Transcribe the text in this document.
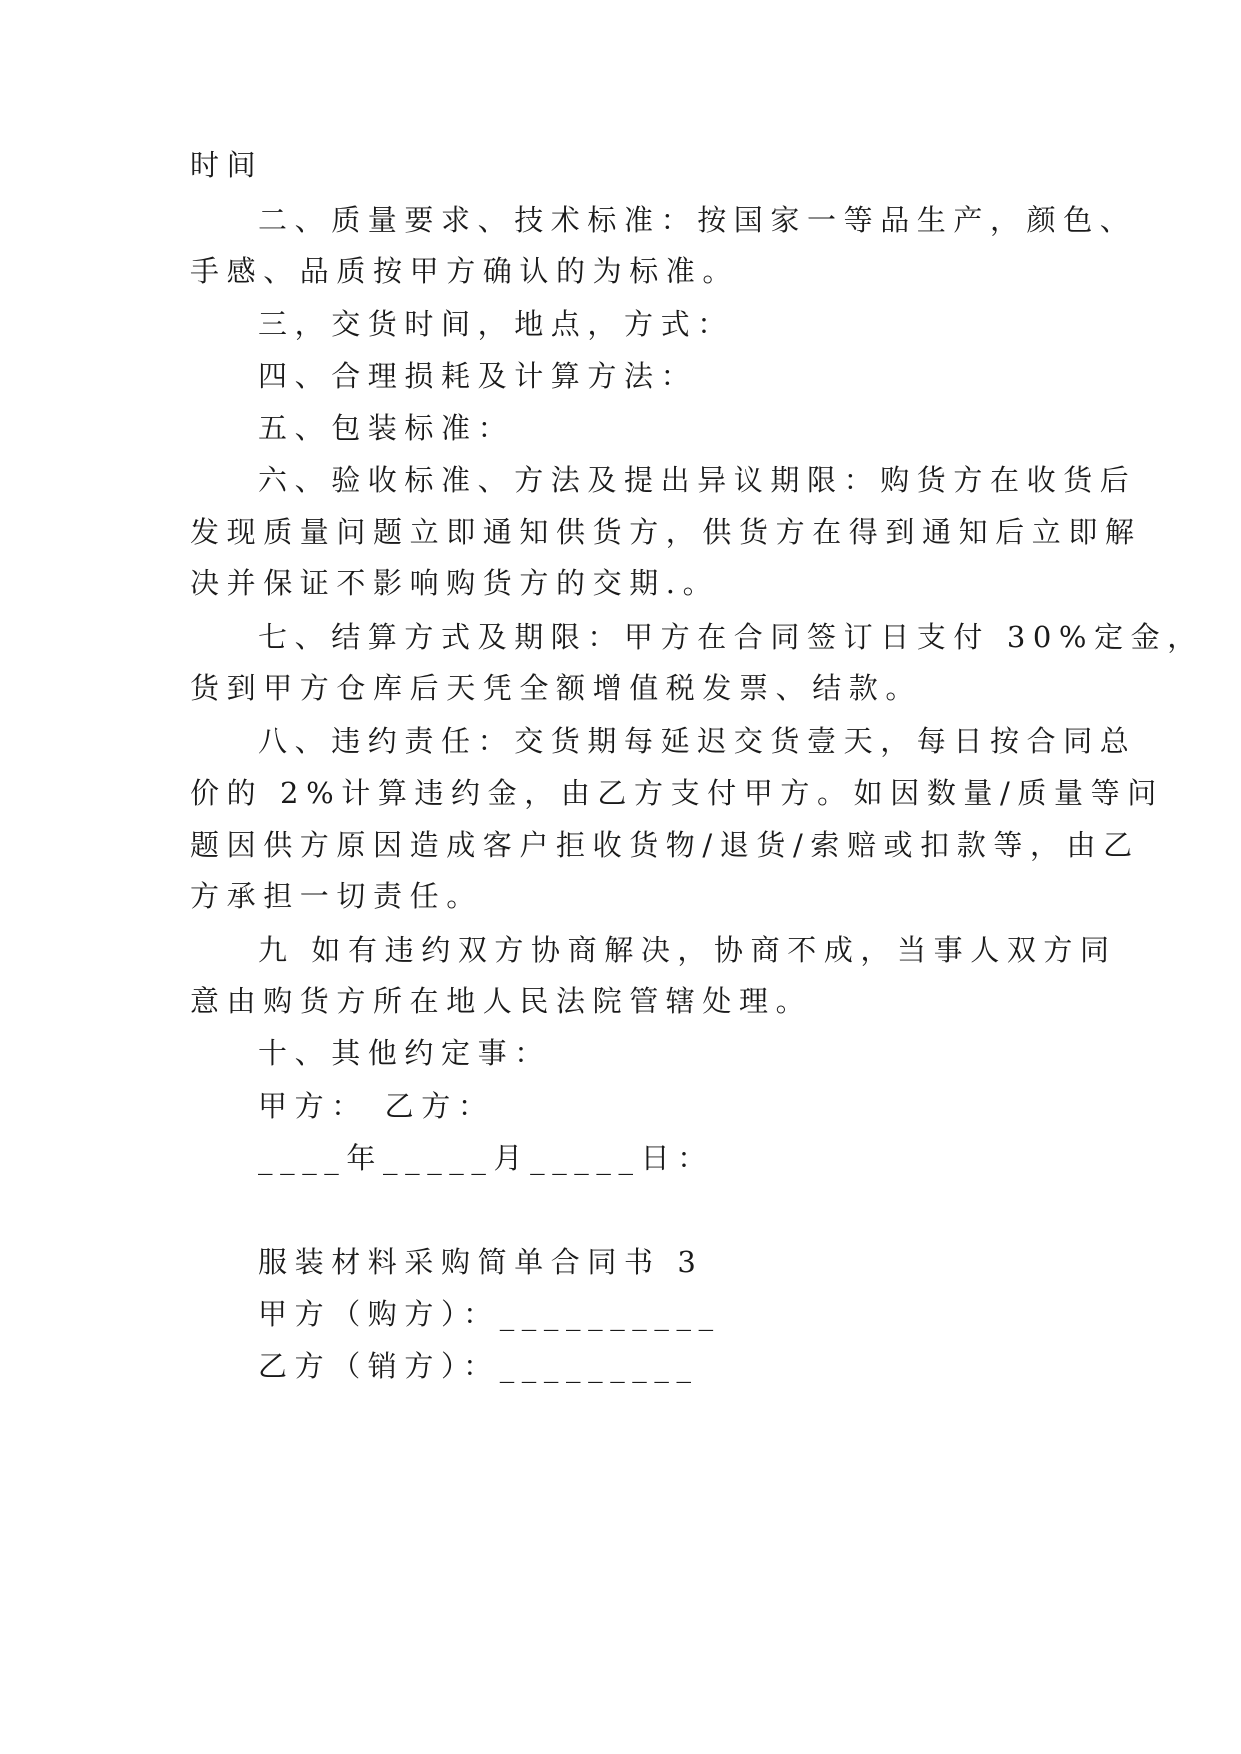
时间

二、质量要求、技术标准：按国家一等品生产，颜色、

手感、品质按甲方确认的为标准。

三，交货时间，地点，方式：

四、合理损耗及计算方法：

五、包装标准：

六、验收标准、方法及提出异议期限：购货方在收货后

发现质量问题立即通知供货方，供货方在得到通知后立即解

决并保证不影响购货方的交期.。

七、结算方式及期限：甲方在合同签订日支付 30%定金，

货到甲方仓库后天凭全额增值税发票、结款。

八、违约责任：交货期每延迟交货壹天，每日按合同总

价的 2%计算违约金，由乙方支付甲方。如因数量/质量等问

题因供方原因造成客户拒收货物/退货/索赔或扣款等，由乙

方承担一切责任。

九 如有违约双方协商解决，协商不成，当事人双方同

意由购货方所在地人民法院管辖处理。

十、其他约定事：

甲方： 乙方：

____年_____月_____日：

服装材料采购简单合同书 3

甲方（购方）：__________

乙方（销方）：_________
